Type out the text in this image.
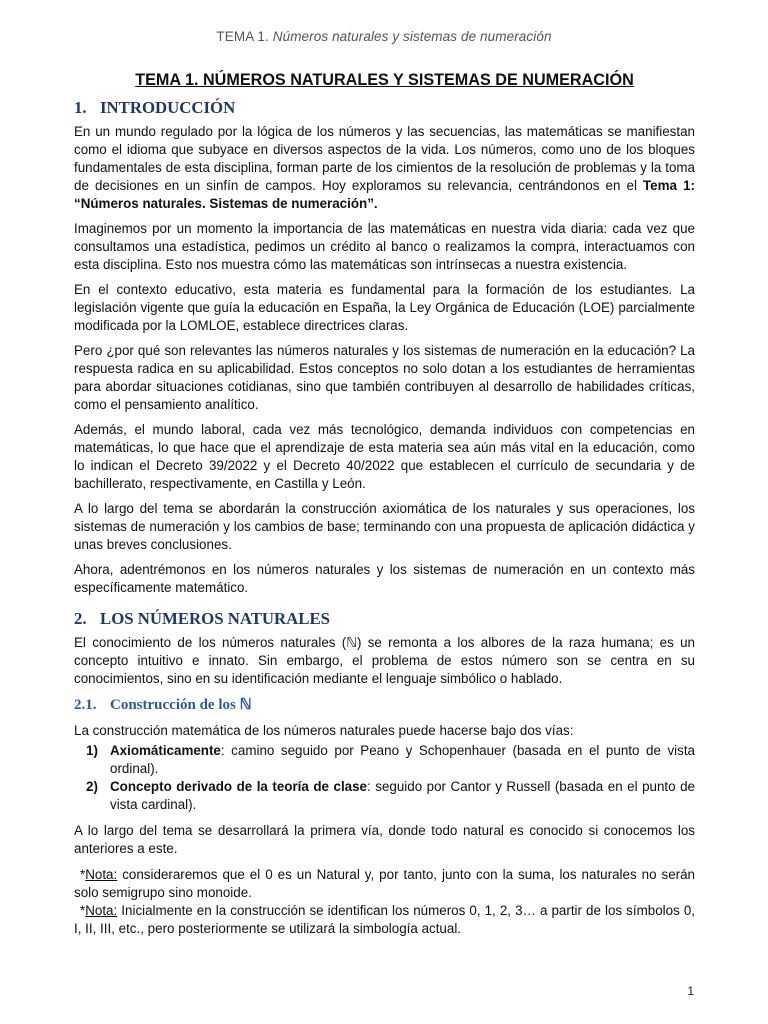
TEMA 1. Números naturales y sistemas de numeración
TEMA 1. NÚMEROS NATURALES Y SISTEMAS DE NUMERACIÓN
1. INTRODUCCIÓN

En un mundo regulado por la lógica de los números y las secuencias, las matemáticas se manifiestan como el idioma que subyace en diversos aspectos de la vida. Los números, como uno de los bloques fundamentales de esta disciplina, forman parte de los cimientos de la resolución de problemas y la toma de decisiones en un sinfín de campos. Hoy exploramos su relevancia, centrándonos en el Tema 1: “Números naturales. Sistemas de numeración”.

Imaginemos por un momento la importancia de las matemáticas en nuestra vida diaria: cada vez que consultamos una estadística, pedimos un crédito al banco o realizamos la compra, interactuamos con esta disciplina. Esto nos muestra cómo las matemáticas son intrínsecas a nuestra existencia.

En el contexto educativo, esta materia es fundamental para la formación de los estudiantes. La legislación vigente que guía la educación en España, la Ley Orgánica de Educación (LOE) parcialmente modificada por la LOMLOE, establece directrices claras.

Pero ¿por qué son relevantes las números naturales y los sistemas de numeración en la educación? La respuesta radica en su aplicabilidad. Estos conceptos no solo dotan a los estudiantes de herramientas para abordar situaciones cotidianas, sino que también contribuyen al desarrollo de habilidades críticas, como el pensamiento analítico.

Además, el mundo laboral, cada vez más tecnológico, demanda individuos con competencias en matemáticas, lo que hace que el aprendizaje de esta materia sea aún más vital en la educación, como lo indican el Decreto 39/2022 y el Decreto 40/2022 que establecen el currículo de secundaria y de bachillerato, respectivamente, en Castilla y León.

A lo largo del tema se abordarán la construcción axiomática de los naturales y sus operaciones, los sistemas de numeración y los cambios de base; terminando con una propuesta de aplicación didáctica y unas breves conclusiones.

Ahora, adentrémonos en los números naturales y los sistemas de numeración en un contexto más específicamente matemático.

2. LOS NÚMEROS NATURALES

El conocimiento de los números naturales (ℕ) se remonta a los albores de la raza humana; es un concepto intuitivo e innato. Sin embargo, el problema de estos número son se centra en su conocimientos, sino en su identificación mediante el lenguaje simbólico o hablado.

2.1. Construcción de los ℕ

La construcción matemática de los números naturales puede hacerse bajo dos vías:

1) Axiomáticamente: camino seguido por Peano y Schopenhauer (basada en el punto de vista ordinal).
2) Concepto derivado de la teoría de clase: seguido por Cantor y Russell (basada en el punto de vista cardinal).

A lo largo del tema se desarrollará la primera vía, donde todo natural es conocido si conocemos los anteriores a este.

*Nota: consideraremos que el 0 es un Natural y, por tanto, junto con la suma, los naturales no serán solo semigrupo sino monoide.

*Nota: Inicialmente en la construcción se identifican los números 0, 1, 2, 3… a partir de los símbolos 0, I, II, III, etc., pero posteriormente se utilizará la simbología actual.

1
